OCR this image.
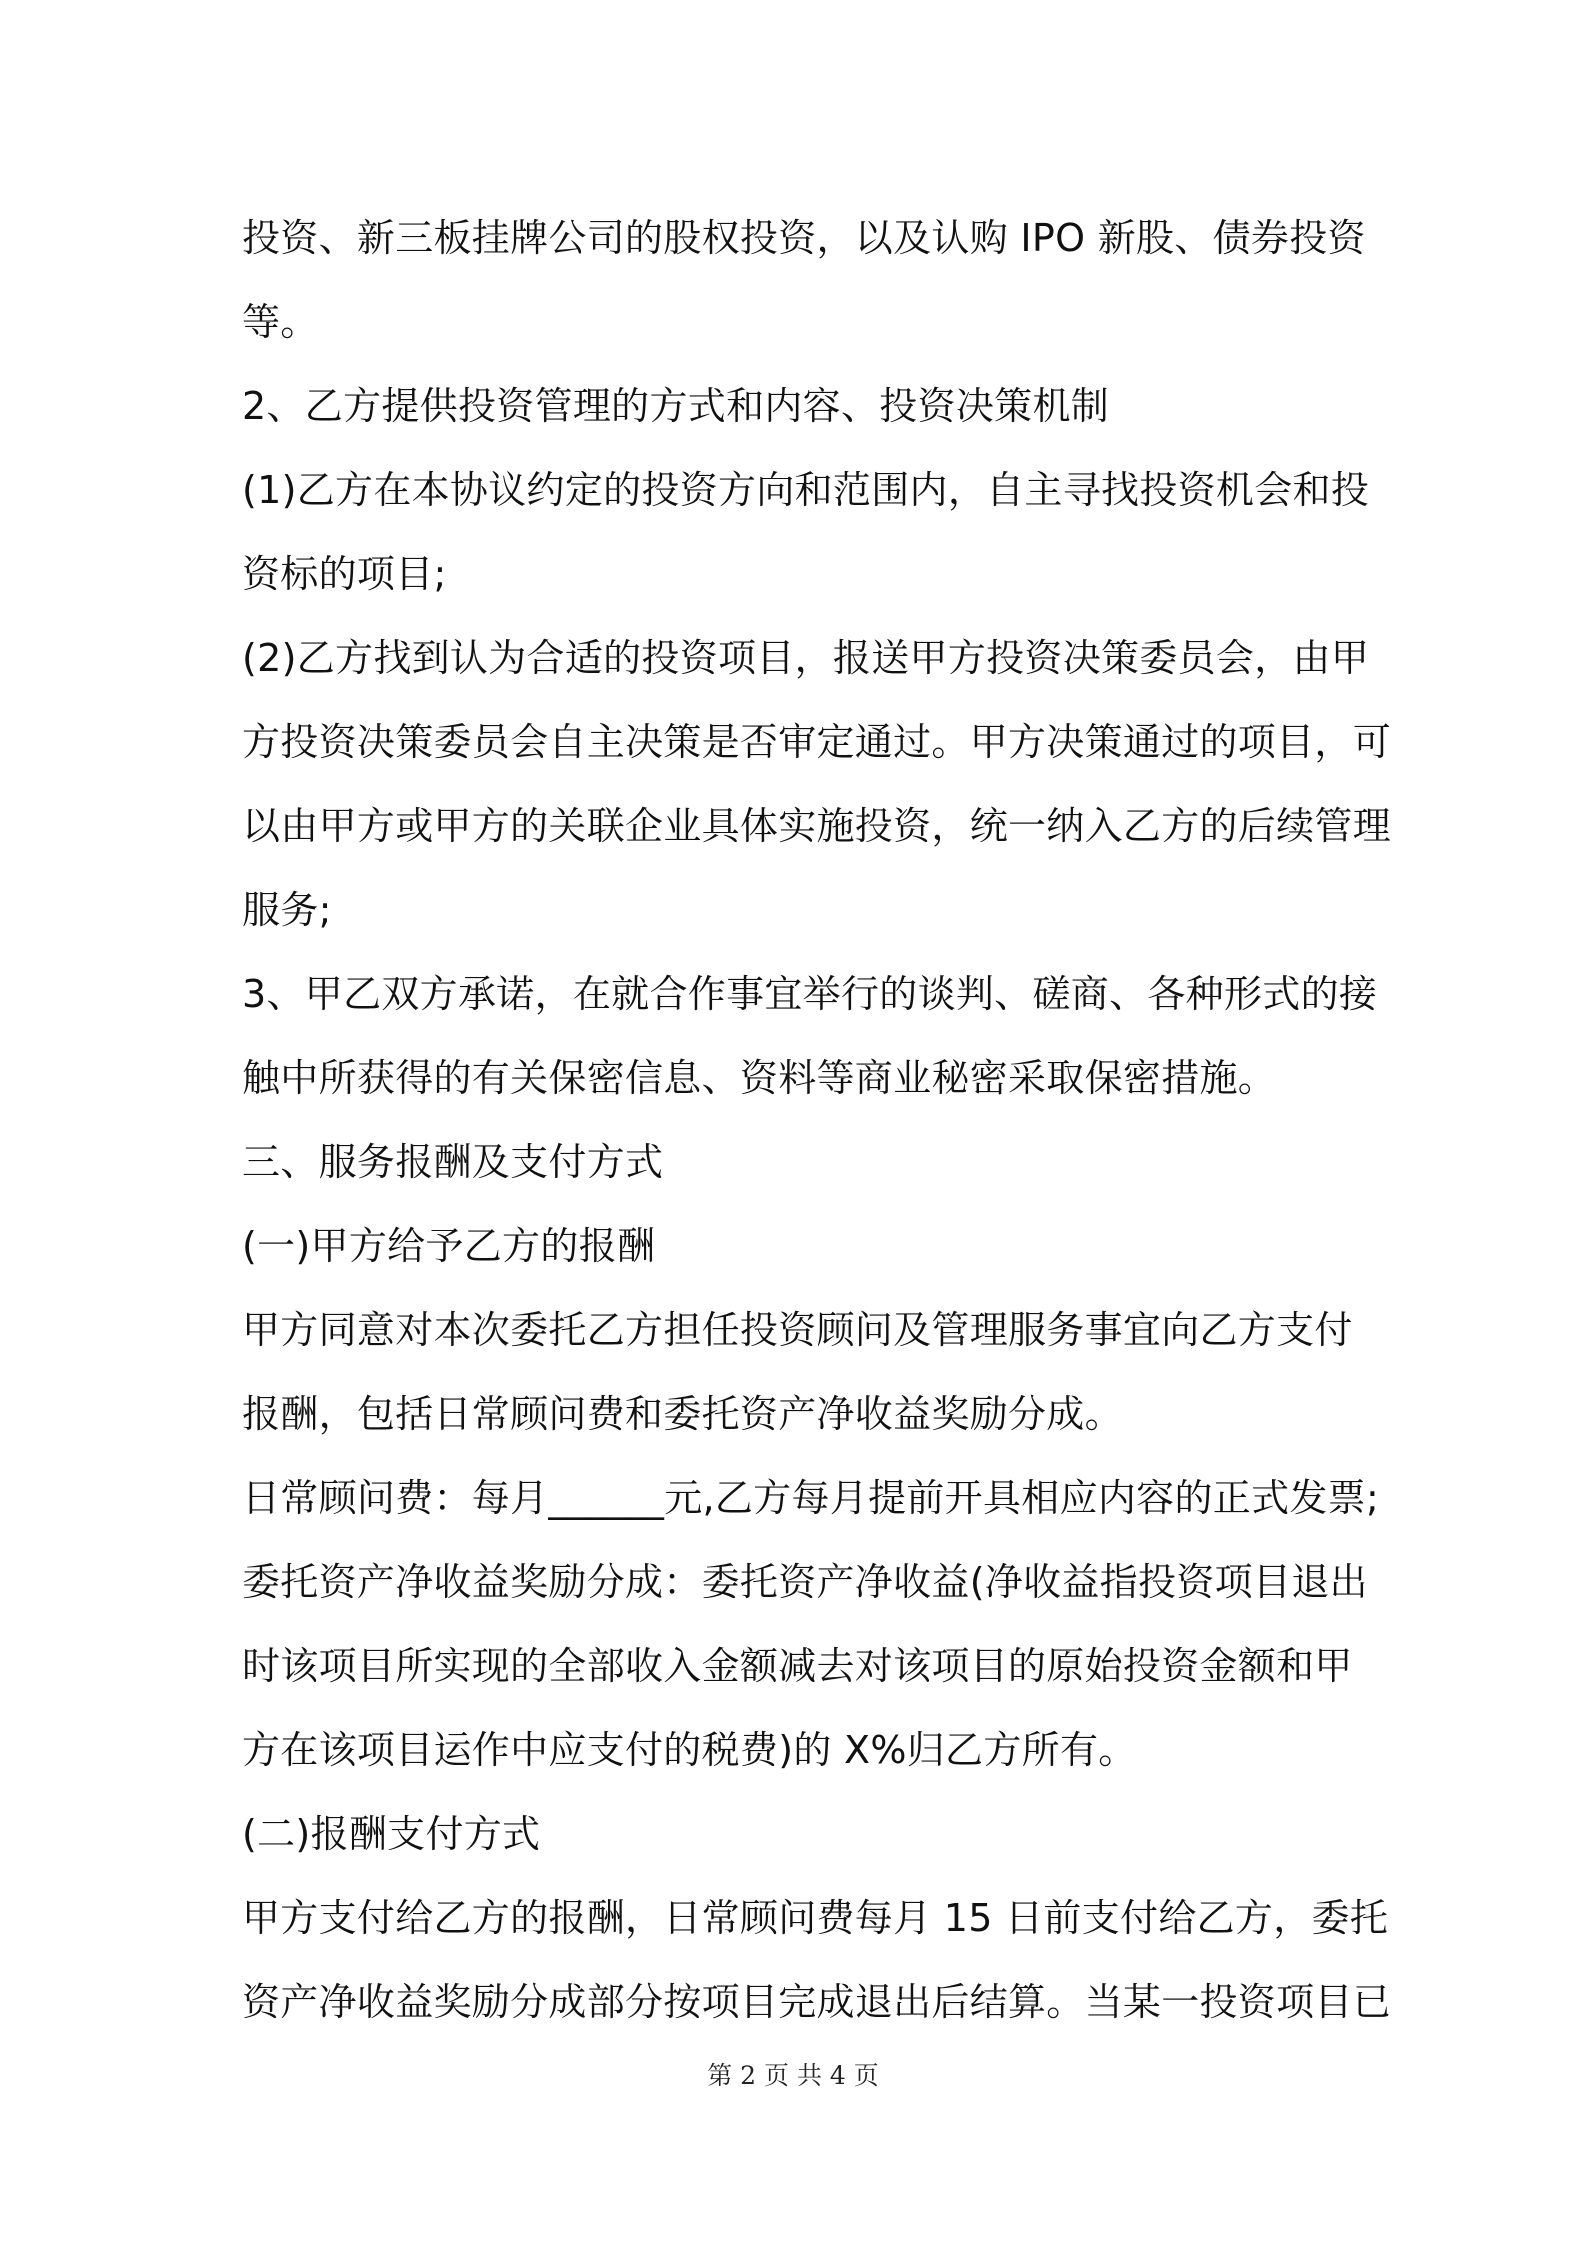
投资、新三板挂牌公司的股权投资，以及认购 IPO 新股、债券投资
等。
2、乙方提供投资管理的方式和内容、投资决策机制
(1)乙方在本协议约定的投资方向和范围内，自主寻找投资机会和投
资标的项目;
(2)乙方找到认为合适的投资项目，报送甲方投资决策委员会，由甲
方投资决策委员会自主决策是否审定通过。甲方决策通过的项目，可
以由甲方或甲方的关联企业具体实施投资，统一纳入乙方的后续管理
服务;
3、甲乙双方承诺，在就合作事宜举行的谈判、磋商、各种形式的接
触中所获得的有关保密信息、资料等商业秘密采取保密措施。
三、服务报酬及支付方式
(一)甲方给予乙方的报酬
甲方同意对本次委托乙方担任投资顾问及管理服务事宜向乙方支付
报酬，包括日常顾问费和委托资产净收益奖励分成。
日常顾问费：每月______元,乙方每月提前开具相应内容的正式发票;
委托资产净收益奖励分成：委托资产净收益(净收益指投资项目退出
时该项目所实现的全部收入金额减去对该项目的原始投资金额和甲
方在该项目运作中应支付的税费)的 X%归乙方所有。
(二)报酬支付方式
甲方支付给乙方的报酬，日常顾问费每月 15 日前支付给乙方，委托
资产净收益奖励分成部分按项目完成退出后结算。当某一投资项目已
第 2 页 共 4 页
